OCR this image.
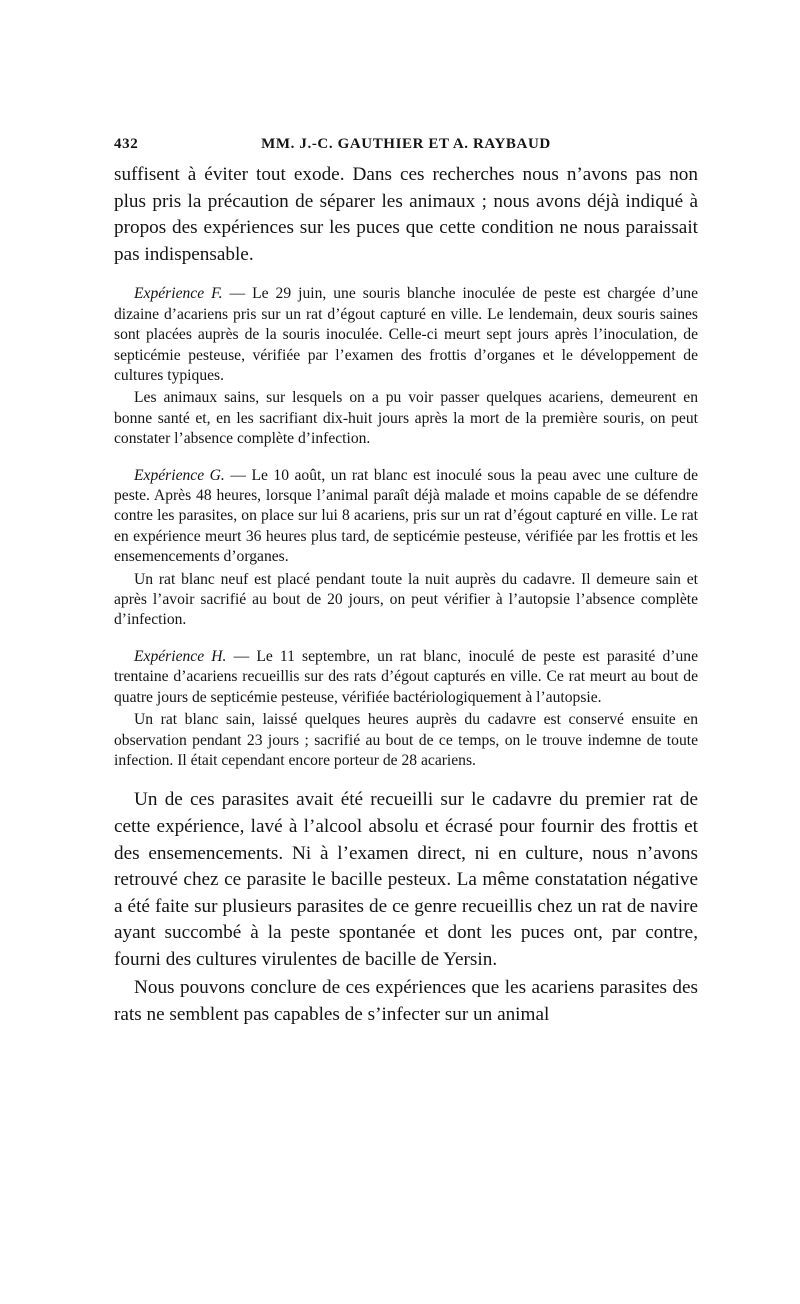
432	MM. J.-C. GAUTHIER ET A. RAYBAUD

suffisent à éviter tout exode. Dans ces recherches nous n’avons pas non plus pris la précaution de séparer les animaux ; nous avons déjà indiqué à propos des expériences sur les puces que cette condition ne nous paraissait pas indispensable.

Expérience F. — Le 29 juin, une souris blanche inoculée de peste est chargée d’une dizaine d’acariens pris sur un rat d’égout capturé en ville. Le lendemain, deux souris saines sont placées auprès de la souris inoculée. Celle-ci meurt sept jours après l’inoculation, de septicémie pesteuse, vérifiée par l’examen des frottis d’organes et le développement de cultures typiques.

Les animaux sains, sur lesquels on a pu voir passer quelques acariens, demeurent en bonne santé et, en les sacrifiant dix-huit jours après la mort de la première souris, on peut constater l’absence complète d’infection.

Expérience G. — Le 10 août, un rat blanc est inoculé sous la peau avec une culture de peste. Après 48 heures, lorsque l’animal paraît déjà malade et moins capable de se défendre contre les parasites, on place sur lui 8 acariens, pris sur un rat d’égout capturé en ville. Le rat en expérience meurt 36 heures plus tard, de septicémie pesteuse, vérifiée par les frottis et les ensemencements d’organes.

Un rat blanc neuf est placé pendant toute la nuit auprès du cadavre. Il demeure sain et après l’avoir sacrifié au bout de 20 jours, on peut vérifier à l’autopsie l’absence complète d’infection.

Expérience H. — Le 11 septembre, un rat blanc, inoculé de peste est parasité d’une trentaine d’acariens recueillis sur des rats d’égout capturés en ville. Ce rat meurt au bout de quatre jours de septicémie pesteuse, vérifiée bactériologiquement à l’autopsie.

Un rat blanc sain, laissé quelques heures auprès du cadavre est conservé ensuite en observation pendant 23 jours ; sacrifié au bout de ce temps, on le trouve indemne de toute infection. Il était cependant encore porteur de 28 acariens.

Un de ces parasites avait été recueilli sur le cadavre du premier rat de cette expérience, lavé à l’alcool absolu et écrasé pour fournir des frottis et des ensemencements. Ni à l’examen direct, ni en culture, nous n’avons retrouvé chez ce parasite le bacille pesteux. La même constatation négative a été faite sur plusieurs parasites de ce genre recueillis chez un rat de navire ayant succombé à la peste spontanée et dont les puces ont, par contre, fourni des cultures virulentes de bacille de Yersin.

Nous pouvons conclure de ces expériences que les acariens parasites des rats ne semblent pas capables de s’infecter sur un animal
